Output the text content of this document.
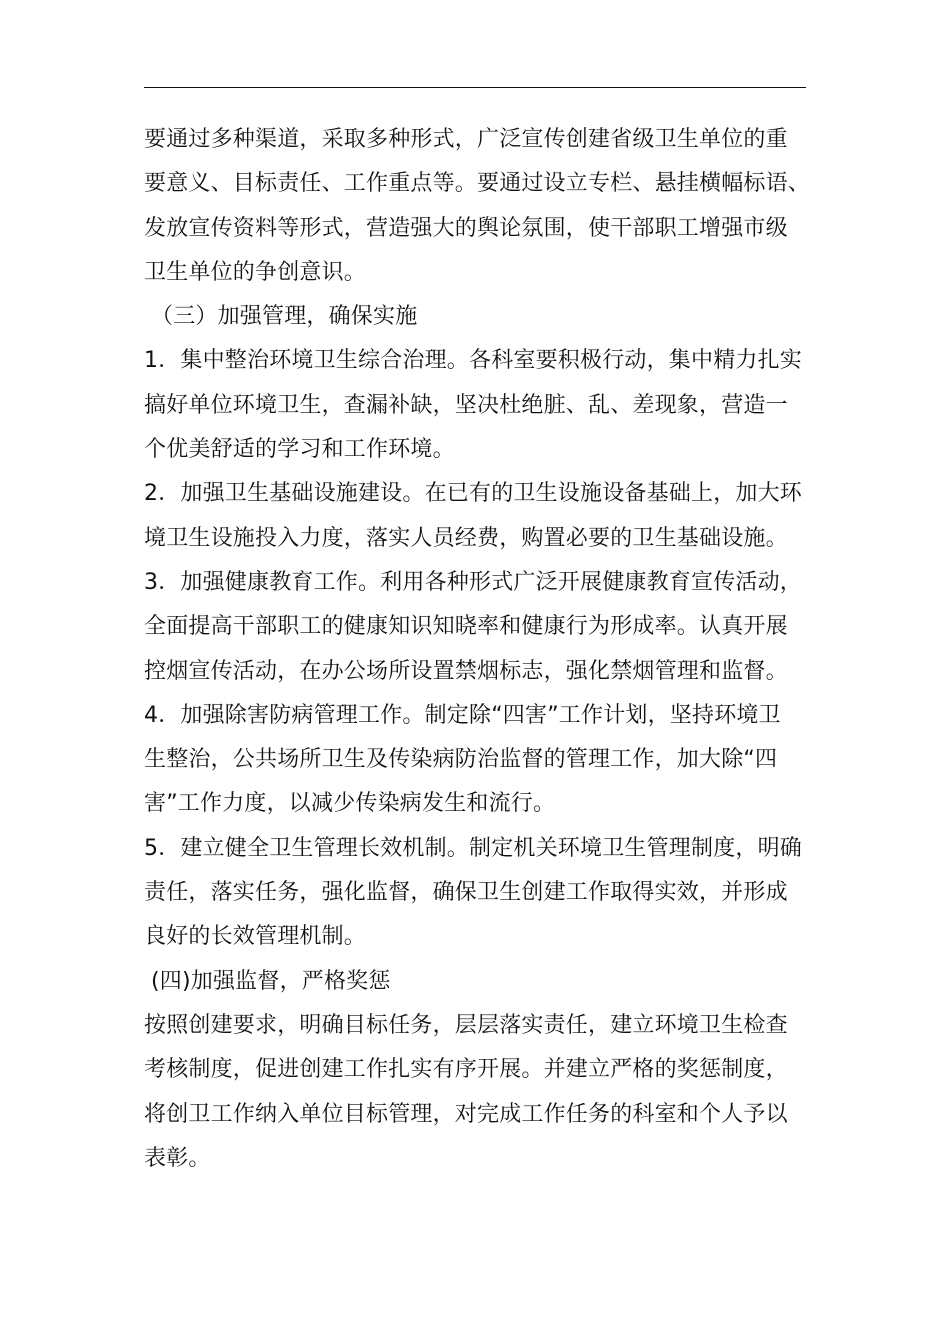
要通过多种渠道，采取多种形式，广泛宣传创建省级卫生单位的重
要意义、目标责任、工作重点等。要通过设立专栏、悬挂横幅标语、
发放宣传资料等形式，营造强大的舆论氛围，使干部职工增强市级
卫生单位的争创意识。
（三）加强管理，确保实施
1．集中整治环境卫生综合治理。各科室要积极行动，集中精力扎实
搞好单位环境卫生，查漏补缺，坚决杜绝脏、乱、差现象，营造一
个优美舒适的学习和工作环境。
2．加强卫生基础设施建设。在已有的卫生设施设备基础上，加大环
境卫生设施投入力度，落实人员经费，购置必要的卫生基础设施。
3．加强健康教育工作。利用各种形式广泛开展健康教育宣传活动，
全面提高干部职工的健康知识知晓率和健康行为形成率。认真开展
控烟宣传活动，在办公场所设置禁烟标志，强化禁烟管理和监督。
4．加强除害防病管理工作。制定除“四害”工作计划，坚持环境卫
生整治，公共场所卫生及传染病防治监督的管理工作，加大除“四
害”工作力度，以减少传染病发生和流行。
5．建立健全卫生管理长效机制。制定机关环境卫生管理制度，明确
责任，落实任务，强化监督，确保卫生创建工作取得实效，并形成
良好的长效管理机制。
(四)加强监督，严格奖惩
按照创建要求，明确目标任务，层层落实责任，建立环境卫生检查
考核制度，促进创建工作扎实有序开展。并建立严格的奖惩制度，
将创卫工作纳入单位目标管理，对完成工作任务的科室和个人予以
表彰。
